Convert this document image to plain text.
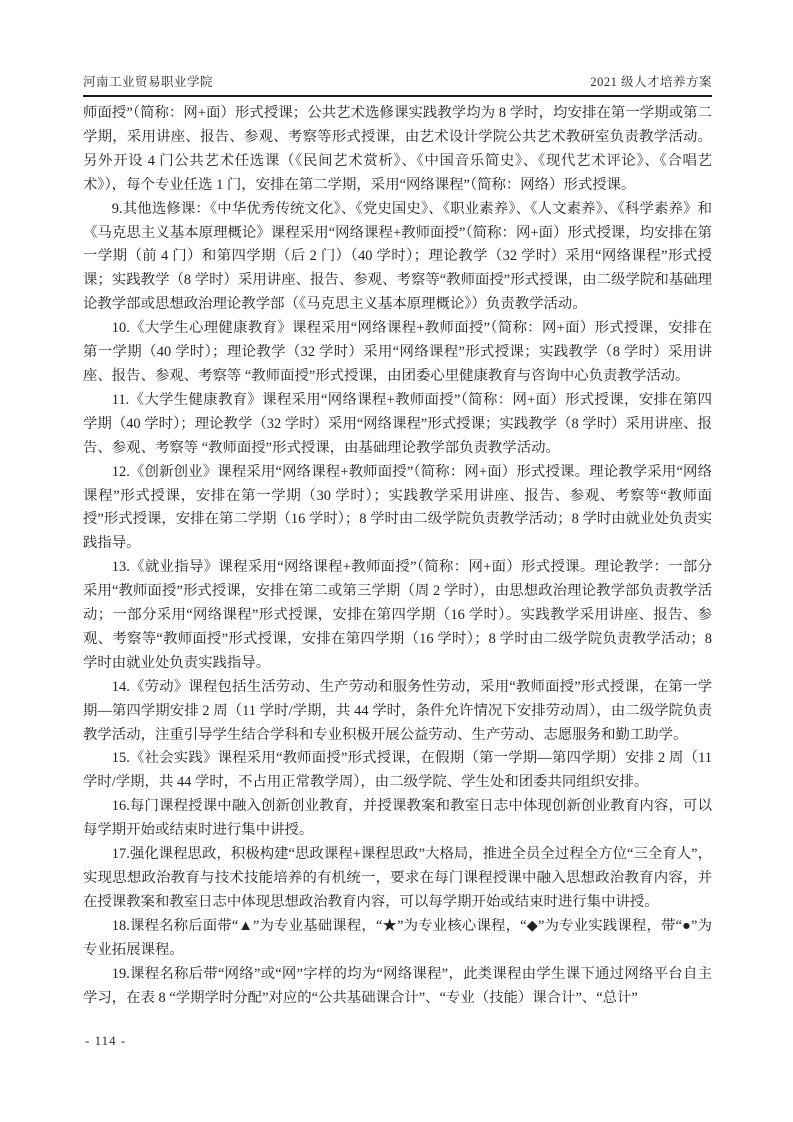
河南工业贸易职业学院	2021 级人才培养方案

师面授”（简称：网+面）形式授课；公共艺术选修课实践教学均为 8 学时，均安排在第一学期或第二学期，采用讲座、报告、参观、考察等形式授课，由艺术设计学院公共艺术教研室负责教学活动。另外开设 4 门公共艺术任选课（《民间艺术赏析》、《中国音乐简史》、《现代艺术评论》、《合唱艺术》），每个专业任选 1 门，安排在第二学期，采用“网络课程”（简称：网络）形式授课。

9.其他选修课：《中华优秀传统文化》、《党史国史》、《职业素养》、《人文素养》、《科学素养》和《马克思主义基本原理概论》课程采用“网络课程+教师面授”（简称：网+面）形式授课，均安排在第一学期（前 4 门）和第四学期（后 2 门）（40 学时）；理论教学（32 学时）采用“网络课程”形式授课；实践教学（8 学时）采用讲座、报告、参观、考察等“教师面授”形式授课，由二级学院和基础理论教学部或思想政治理论教学部（《马克思主义基本原理概论》）负责教学活动。

10.《大学生心理健康教育》课程采用“网络课程+教师面授”（简称：网+面）形式授课，安排在第一学期（40 学时）；理论教学（32 学时）采用“网络课程”形式授课；实践教学（8 学时）采用讲座、报告、参观、考察等 “教师面授”形式授课，由团委心里健康教育与咨询中心负责教学活动。

11.《大学生健康教育》课程采用“网络课程+教师面授”（简称：网+面）形式授课，安排在第四学期（40 学时）；理论教学（32 学时）采用“网络课程”形式授课；实践教学（8 学时）采用讲座、报告、参观、考察等 “教师面授”形式授课，由基础理论教学部负责教学活动。

12.《创新创业》课程采用“网络课程+教师面授”（简称：网+面）形式授课。理论教学采用“网络课程”形式授课，安排在第一学期（30 学时）；实践教学采用讲座、报告、参观、考察等“教师面授”形式授课，安排在第二学期（16 学时）；8 学时由二级学院负责教学活动；8 学时由就业处负责实践指导。

13.《就业指导》课程采用“网络课程+教师面授”（简称：网+面）形式授课。理论教学：一部分采用“教师面授”形式授课，安排在第二或第三学期（周 2 学时），由思想政治理论教学部负责教学活动；一部分采用“网络课程”形式授课，安排在第四学期（16 学时）。实践教学采用讲座、报告、参观、考察等“教师面授”形式授课，安排在第四学期（16 学时）；8 学时由二级学院负责教学活动；8 学时由就业处负责实践指导。

14.《劳动》课程包括生活劳动、生产劳动和服务性劳动，采用“教师面授”形式授课，在第一学期—第四学期安排 2 周（11 学时/学期，共 44 学时，条件允许情况下安排劳动周），由二级学院负责教学活动，注重引导学生结合学科和专业积极开展公益劳动、生产劳动、志愿服务和勤工助学。

15.《社会实践》课程采用“教师面授”形式授课，在假期（第一学期—第四学期）安排 2 周（11 学时/学期，共 44 学时，不占用正常教学周），由二级学院、学生处和团委共同组织安排。

16.每门课程授课中融入创新创业教育，并授课教案和教室日志中体现创新创业教育内容，可以每学期开始或结束时进行集中讲授。

17.强化课程思政，积极构建“思政课程+课程思政”大格局，推进全员全过程全方位“三全育人”，实现思想政治教育与技术技能培养的有机统一，要求在每门课程授课中融入思想政治教育内容，并在授课教案和教室日志中体现思想政治教育内容，可以每学期开始或结束时进行集中讲授。

18.课程名称后面带“▲”为专业基础课程，“★”为专业核心课程，“◆”为专业实践课程，带“●”为专业拓展课程。

19.课程名称后带“网络”或“网”字样的均为“网络课程”，此类课程由学生课下通过网络平台自主学习，在表 8 “学期学时分配”对应的“公共基础课合计”、“专业（技能）课合计”、“总计”

- 114 -
